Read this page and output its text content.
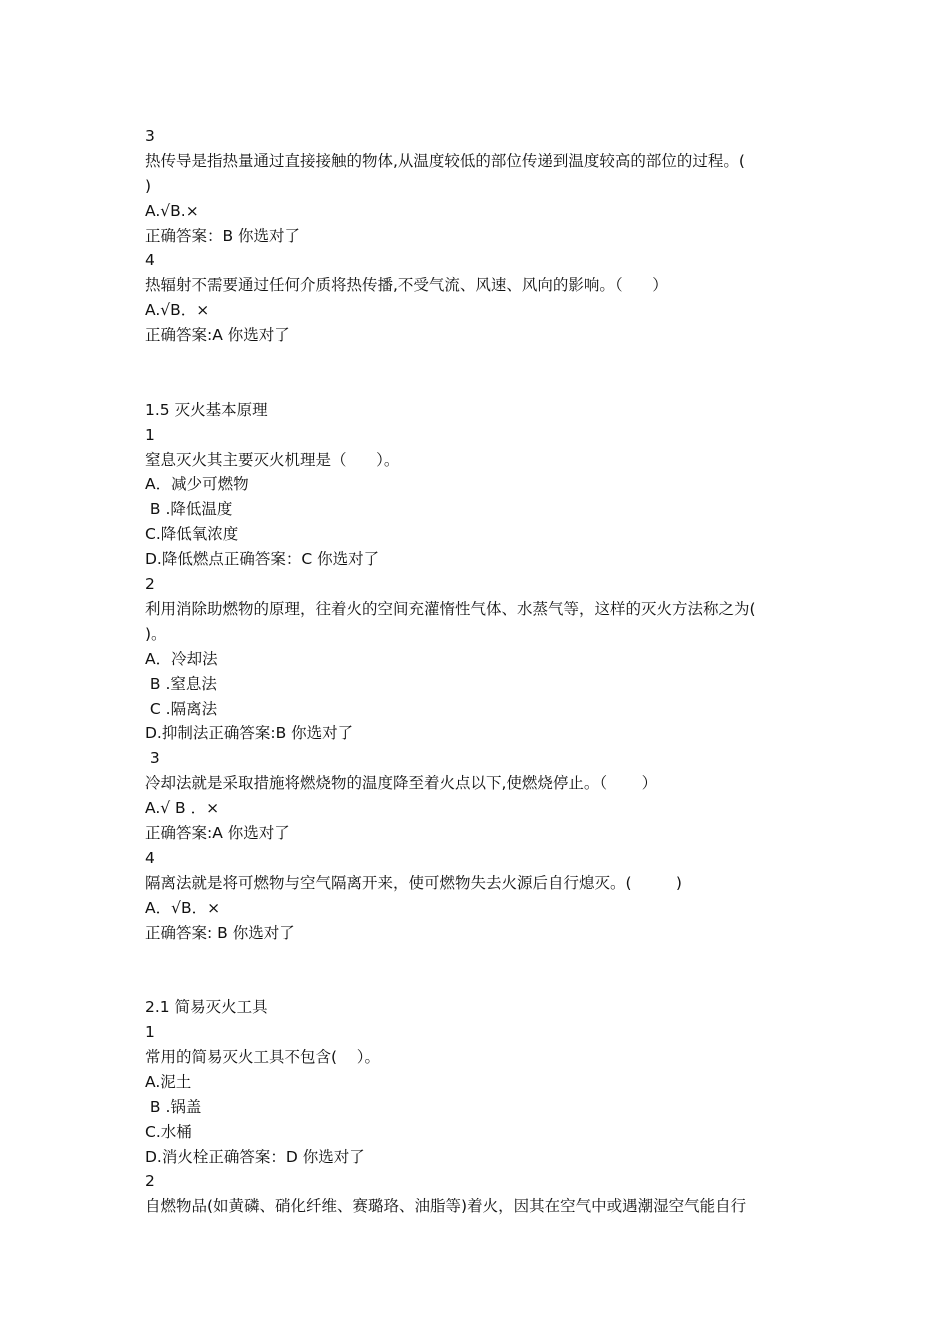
3
热传导是指热量通过直接接触的物体,从温度较低的部位传递到温度较高的部位的过程。(
)
A.√B.×
正确答案：B 你选对了
4
热辐射不需要通过任何介质将热传播,不受气流、风速、风向的影响。（      ）
A.√B．×
正确答案:A 你选对了
1.5 灭火基本原理
1
窒息灭火其主要灭火机理是（      ）。
A．减少可燃物
B .降低温度
C.降低氧浓度
D.降低燃点正确答案：C 你选对了
2
利用消除助燃物的原理，往着火的空间充灌惰性气体、水蒸气等，这样的灭火方法称之为(
)。
A．冷却法
B .窒息法
C .隔离法
D.抑制法正确答案:B 你选对了
3
冷却法就是采取措施将燃烧物的温度降至着火点以下,使燃烧停止。（       ）
A.√ B ．×
正确答案:A 你选对了
4
隔离法就是将可燃物与空气隔离开来，使可燃物失去火源后自行熄灭。(         )
A．√B．×
正确答案: B 你选对了
2.1 简易灭火工具
1
常用的简易灭火工具不包含(    ）。
A.泥土
B .锅盖
C.水桶
D.消火栓正确答案：D 你选对了
2
自燃物品(如黄磷、硝化纤维、赛璐珞、油脂等)着火，因其在空气中或遇潮湿空气能自行
